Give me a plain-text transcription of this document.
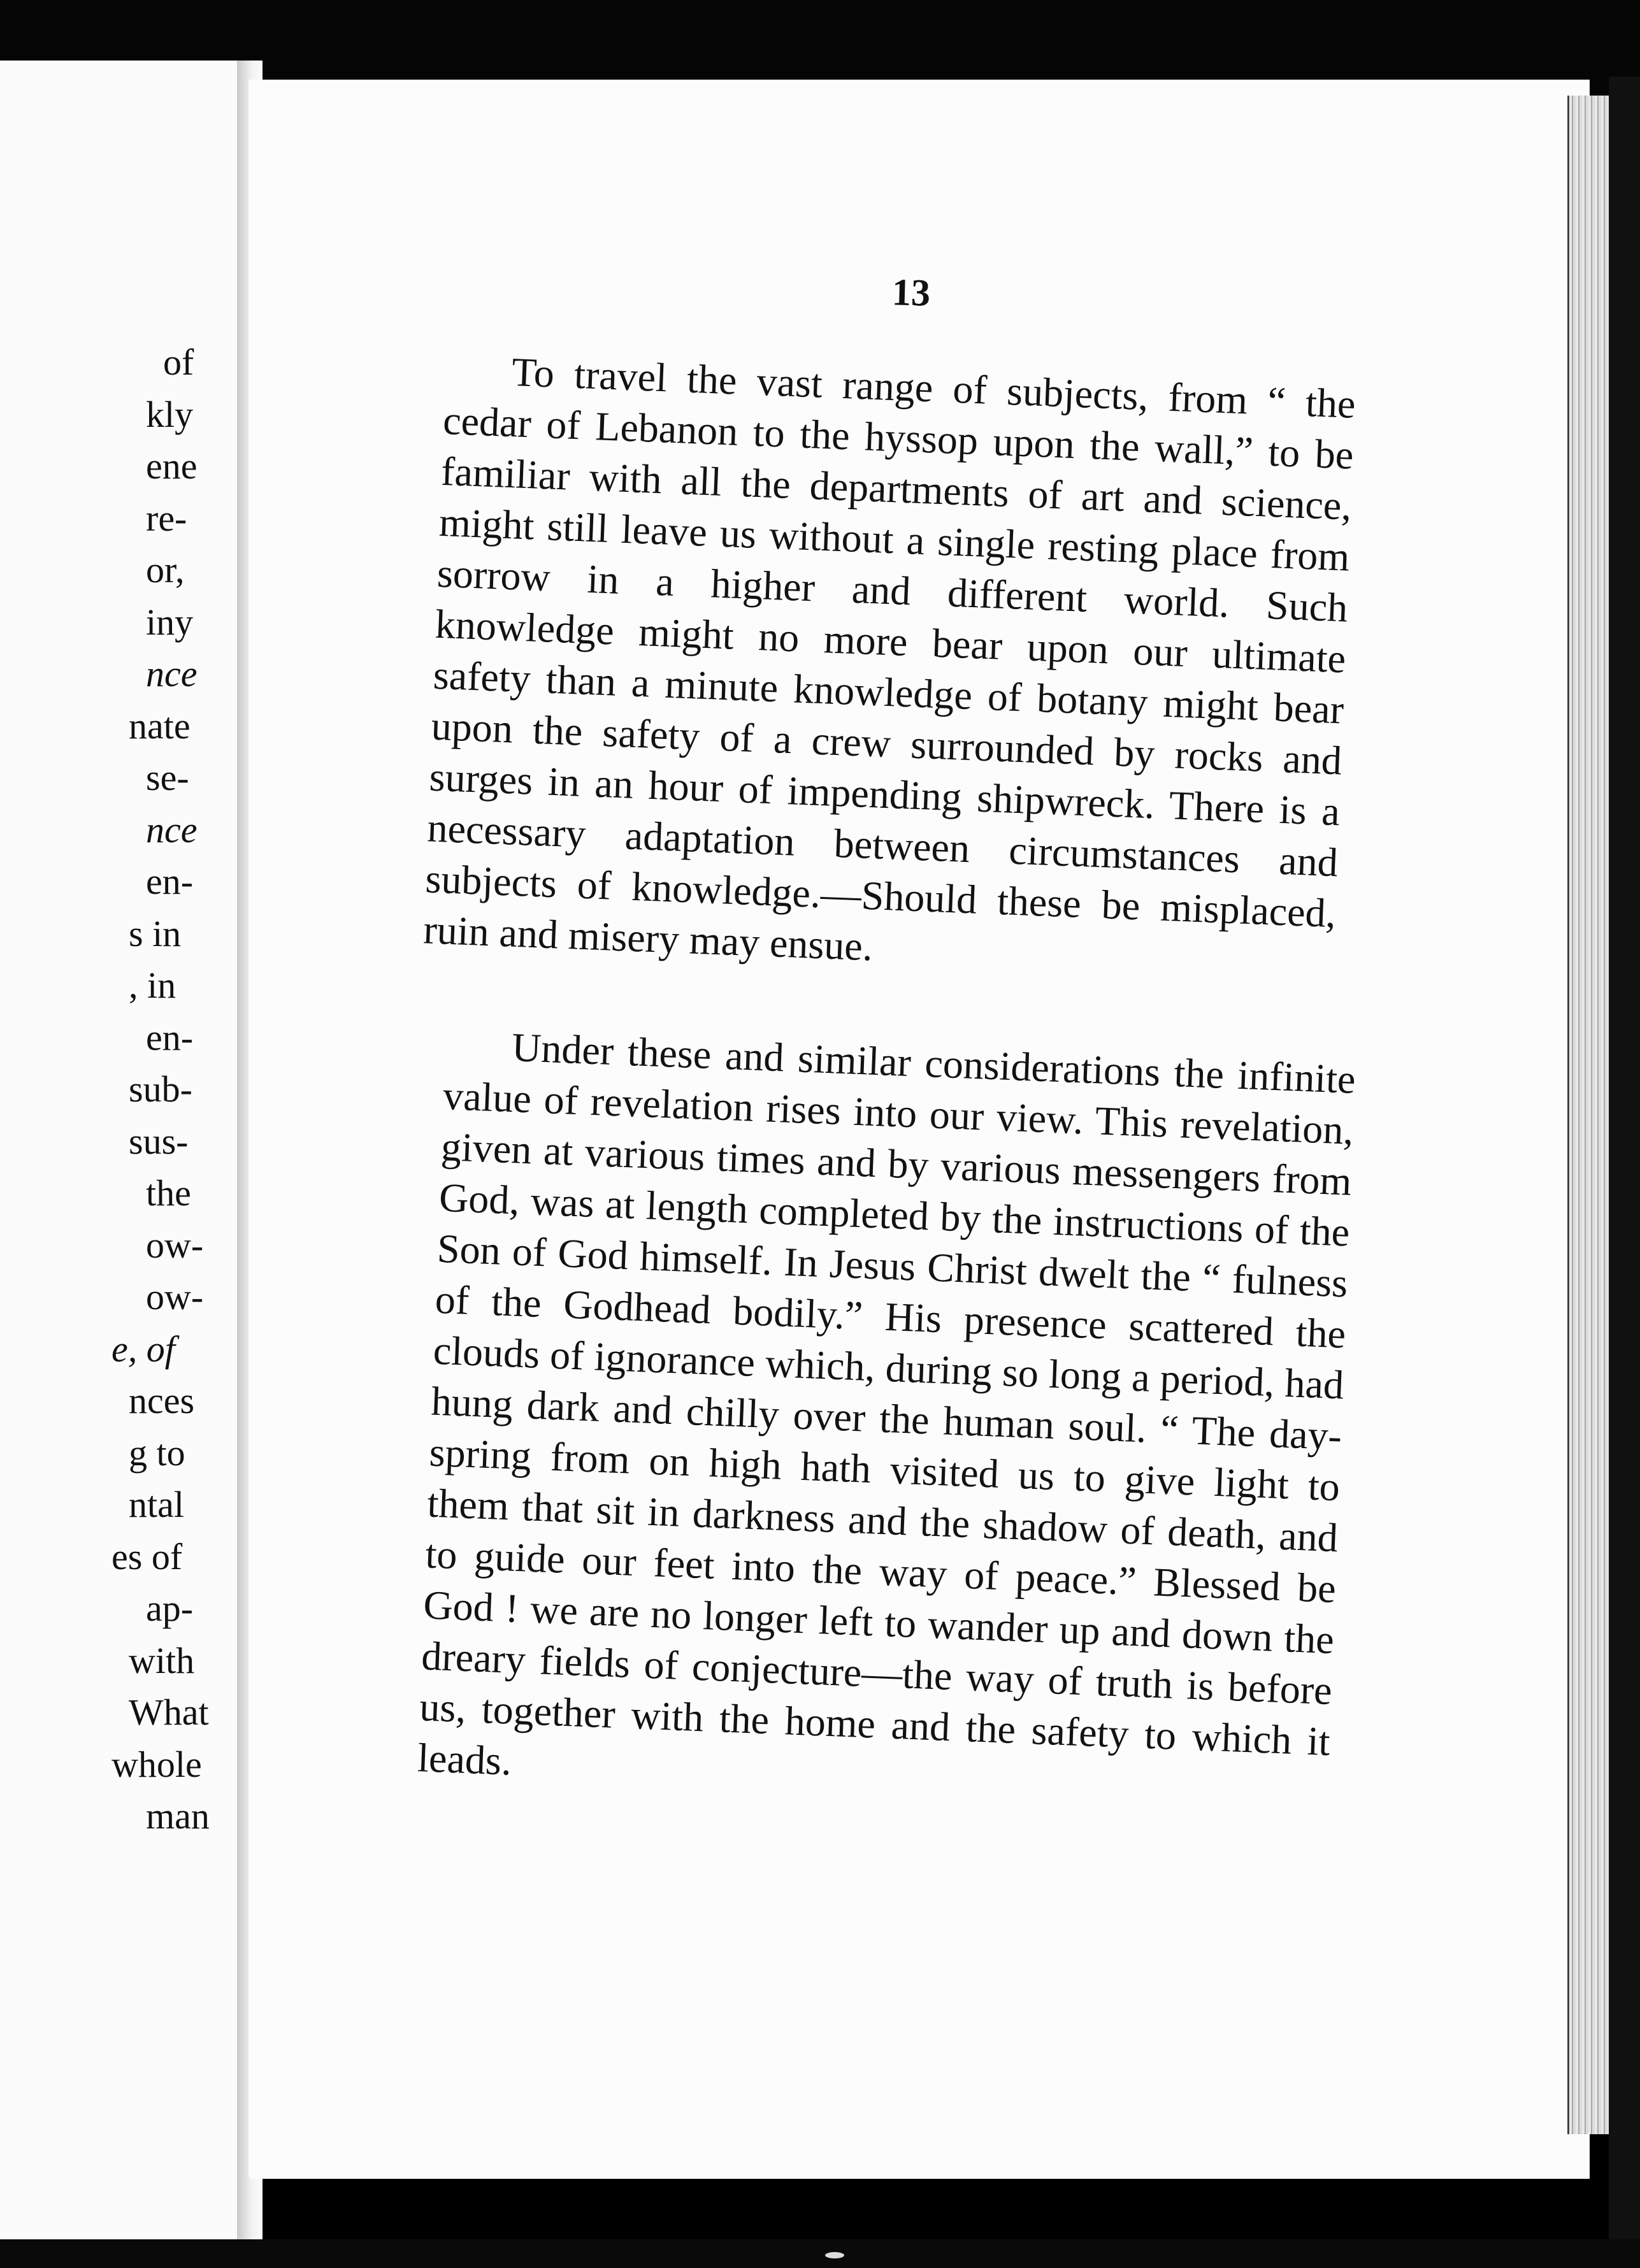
of
kly
ene
re-
or,
iny
nce
nate
se-
nce
en-
s in
, in
en-
sub-
sus-
the
ow-
ow-
e, of
nces
g to
ntal
es of
ap-
with
What
whole
man
13

To travel the vast range of subjects, from “ the cedar of Lebanon to the hyssop upon the wall,” to be familiar with all the departments of art and science, might still leave us without a single resting place from sorrow in a higher and different world. Such knowledge might no more bear upon our ultimate safety than a minute knowledge of botany might bear upon the safety of a crew surrounded by rocks and surges in an hour of impending shipwreck. There is a necessary adaptation between circumstances and subjects of knowledge.—Should these be misplaced, ruin and misery may ensue.

Under these and similar considerations the infinite value of revelation rises into our view. This revelation, given at various times and by various messengers from God, was at length completed by the instructions of the Son of God himself. In Jesus Christ dwelt the “ fulness of the Godhead bodily.” His presence scattered the clouds of ignorance which, during so long a period, had hung dark and chilly over the human soul. “ The day-spring from on high hath visited us to give light to them that sit in darkness and the shadow of death, and to guide our feet into the way of peace.” Blessed be God ! we are no longer left to wander up and down the dreary fields of conjecture—the way of truth is before us, together with the home and the safety to which it leads.
